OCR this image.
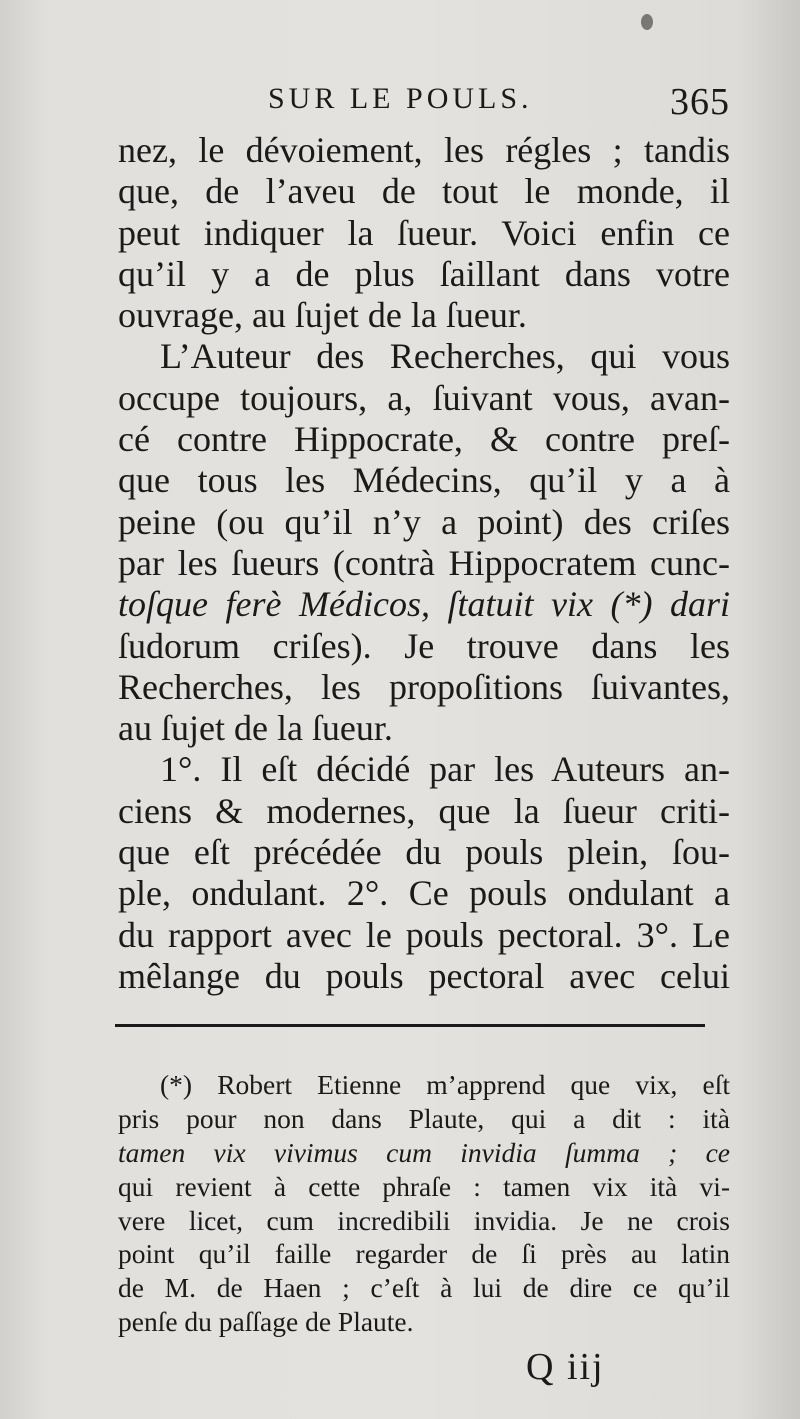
SUR LE POULS.	365
nez, le dévoiement, les régles ; tandis
que, de l’aveu de tout le monde, il
peut indiquer la ſueur. Voici enfin ce
qu’il y a de plus ſaillant dans votre
ouvrage, au ſujet de la ſueur.
L’Auteur des Recherches, qui vous
occupe toujours, a, ſuivant vous, avan-
cé contre Hippocrate, & contre preſ-
que tous les Médecins, qu’il y a à
peine (ou qu’il n’y a point) des criſes
par les ſueurs (contrà Hippocratem cunc-
toſque ferè Médicos, ſtatuit vix (*) dari
ſudorum criſes). Je trouve dans les
Recherches, les propoſitions ſuivantes,
au ſujet de la ſueur.
1°. Il eſt décidé par les Auteurs an-
ciens & modernes, que la ſueur criti-
que eſt précédée du pouls plein, ſou-
ple, ondulant. 2°. Ce pouls ondulant a
du rapport avec le pouls pectoral. 3°. Le
mêlange du pouls pectoral avec celui
(*) Robert Etienne m’apprend que vix, eſt
pris pour non dans Plaute, qui a dit : ità
tamen vix vivimus cum invidia ſumma ; ce
qui revient à cette phraſe : tamen vix ità vi-
vere licet, cum incredibili invidia. Je ne crois
point qu’il faille regarder de ſi près au latin
de M. de Haen ; c’eſt à lui de dire ce qu’il
penſe du paſſage de Plaute.
Q iij
